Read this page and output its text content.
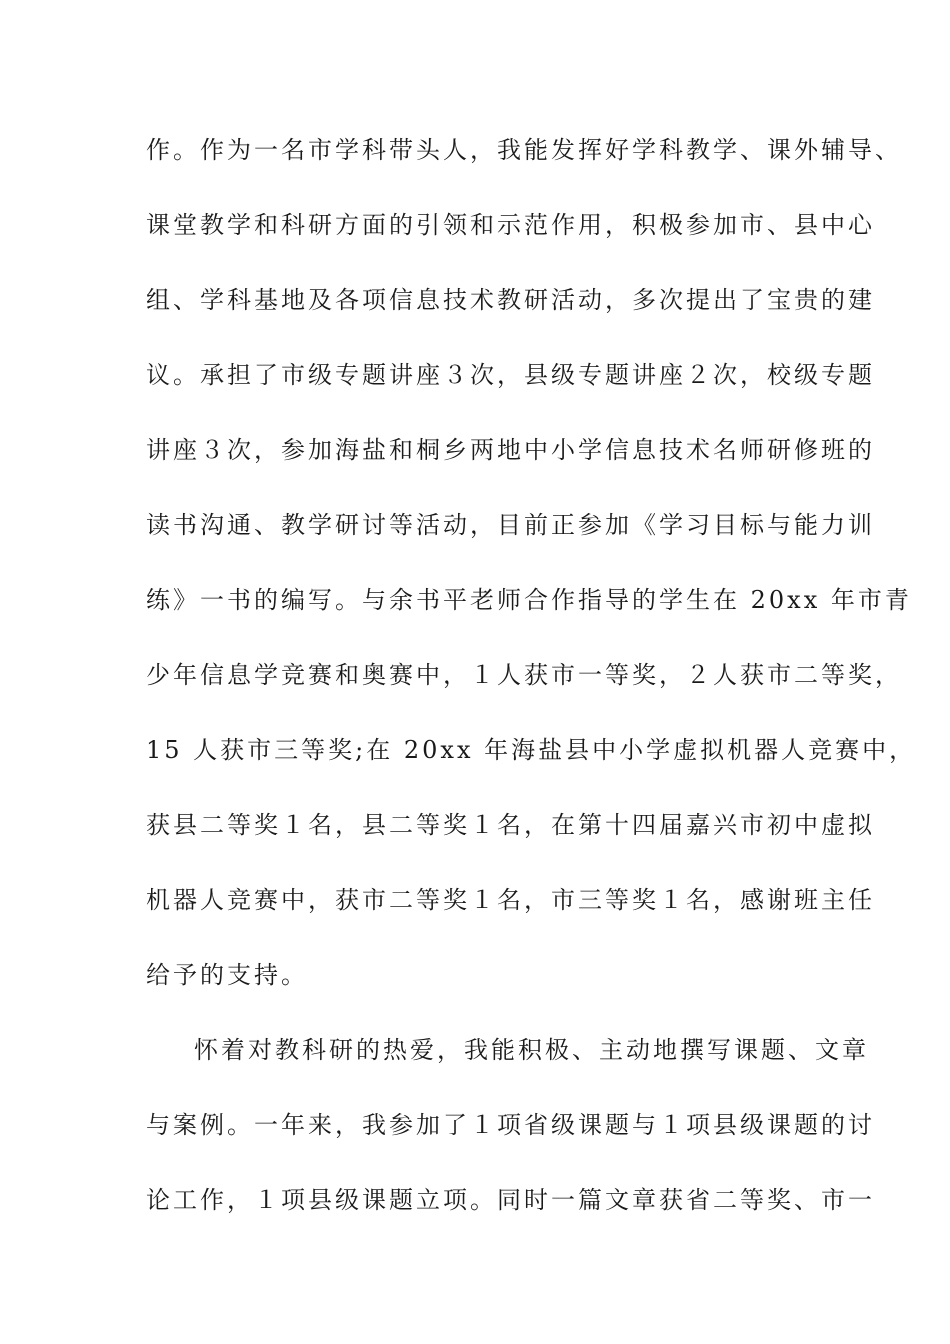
作。作为一名市学科带头人，我能发挥好学科教学、课外辅导、
课堂教学和科研方面的引领和示范作用，积极参加市、县中心
组、学科基地及各项信息技术教研活动，多次提出了宝贵的建
议。承担了市级专题讲座３次，县级专题讲座２次，校级专题
讲座３次，参加海盐和桐乡两地中小学信息技术名师研修班的
读书沟通、教学研讨等活动，目前正参加《学习目标与能力训
练》一书的编写。与余书平老师合作指导的学生在 20xx 年市青
少年信息学竞赛和奥赛中，１人获市一等奖，２人获市二等奖，
15 人获市三等奖;在 20xx 年海盐县中小学虚拟机器人竞赛中，
获县二等奖１名，县二等奖１名，在第十四届嘉兴市初中虚拟
机器人竞赛中，获市二等奖１名，市三等奖１名，感谢班主任
给予的支持。
怀着对教科研的热爱，我能积极、主动地撰写课题、文章
与案例。一年来，我参加了１项省级课题与１项县级课题的讨
论工作，１项县级课题立项。同时一篇文章获省二等奖、市一
